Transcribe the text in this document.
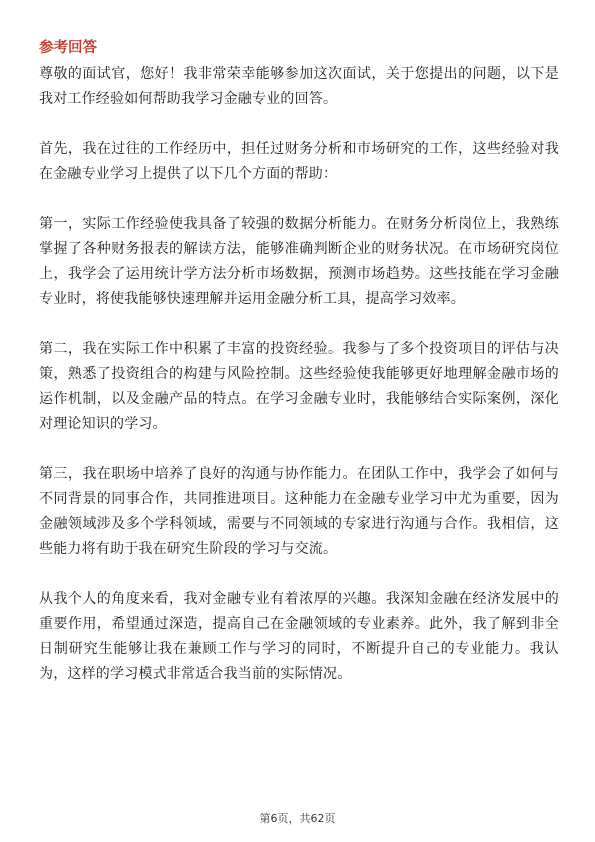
参考回答

尊敬的面试官，您好！我非常荣幸能够参加这次面试，关于您提出的问题，以下是我对工作经验如何帮助我学习金融专业的回答。

首先，我在过往的工作经历中，担任过财务分析和市场研究的工作，这些经验对我在金融专业学习上提供了以下几个方面的帮助：

第一，实际工作经验使我具备了较强的数据分析能力。在财务分析岗位上，我熟练掌握了各种财务报表的解读方法，能够准确判断企业的财务状况。在市场研究岗位上，我学会了运用统计学方法分析市场数据，预测市场趋势。这些技能在学习金融专业时，将使我能够快速理解并运用金融分析工具，提高学习效率。

第二，我在实际工作中积累了丰富的投资经验。我参与了多个投资项目的评估与决策，熟悉了投资组合的构建与风险控制。这些经验使我能够更好地理解金融市场的运作机制，以及金融产品的特点。在学习金融专业时，我能够结合实际案例，深化对理论知识的学习。

第三，我在职场中培养了良好的沟通与协作能力。在团队工作中，我学会了如何与不同背景的同事合作，共同推进项目。这种能力在金融专业学习中尤为重要，因为金融领域涉及多个学科领域，需要与不同领域的专家进行沟通与合作。我相信，这些能力将有助于我在研究生阶段的学习与交流。

从我个人的角度来看，我对金融专业有着浓厚的兴趣。我深知金融在经济发展中的重要作用，希望通过深造，提高自己在金融领域的专业素养。此外，我了解到非全日制研究生能够让我在兼顾工作与学习的同时，不断提升自己的专业能力。我认为，这样的学习模式非常适合我当前的实际情况。

第6页，共62页
